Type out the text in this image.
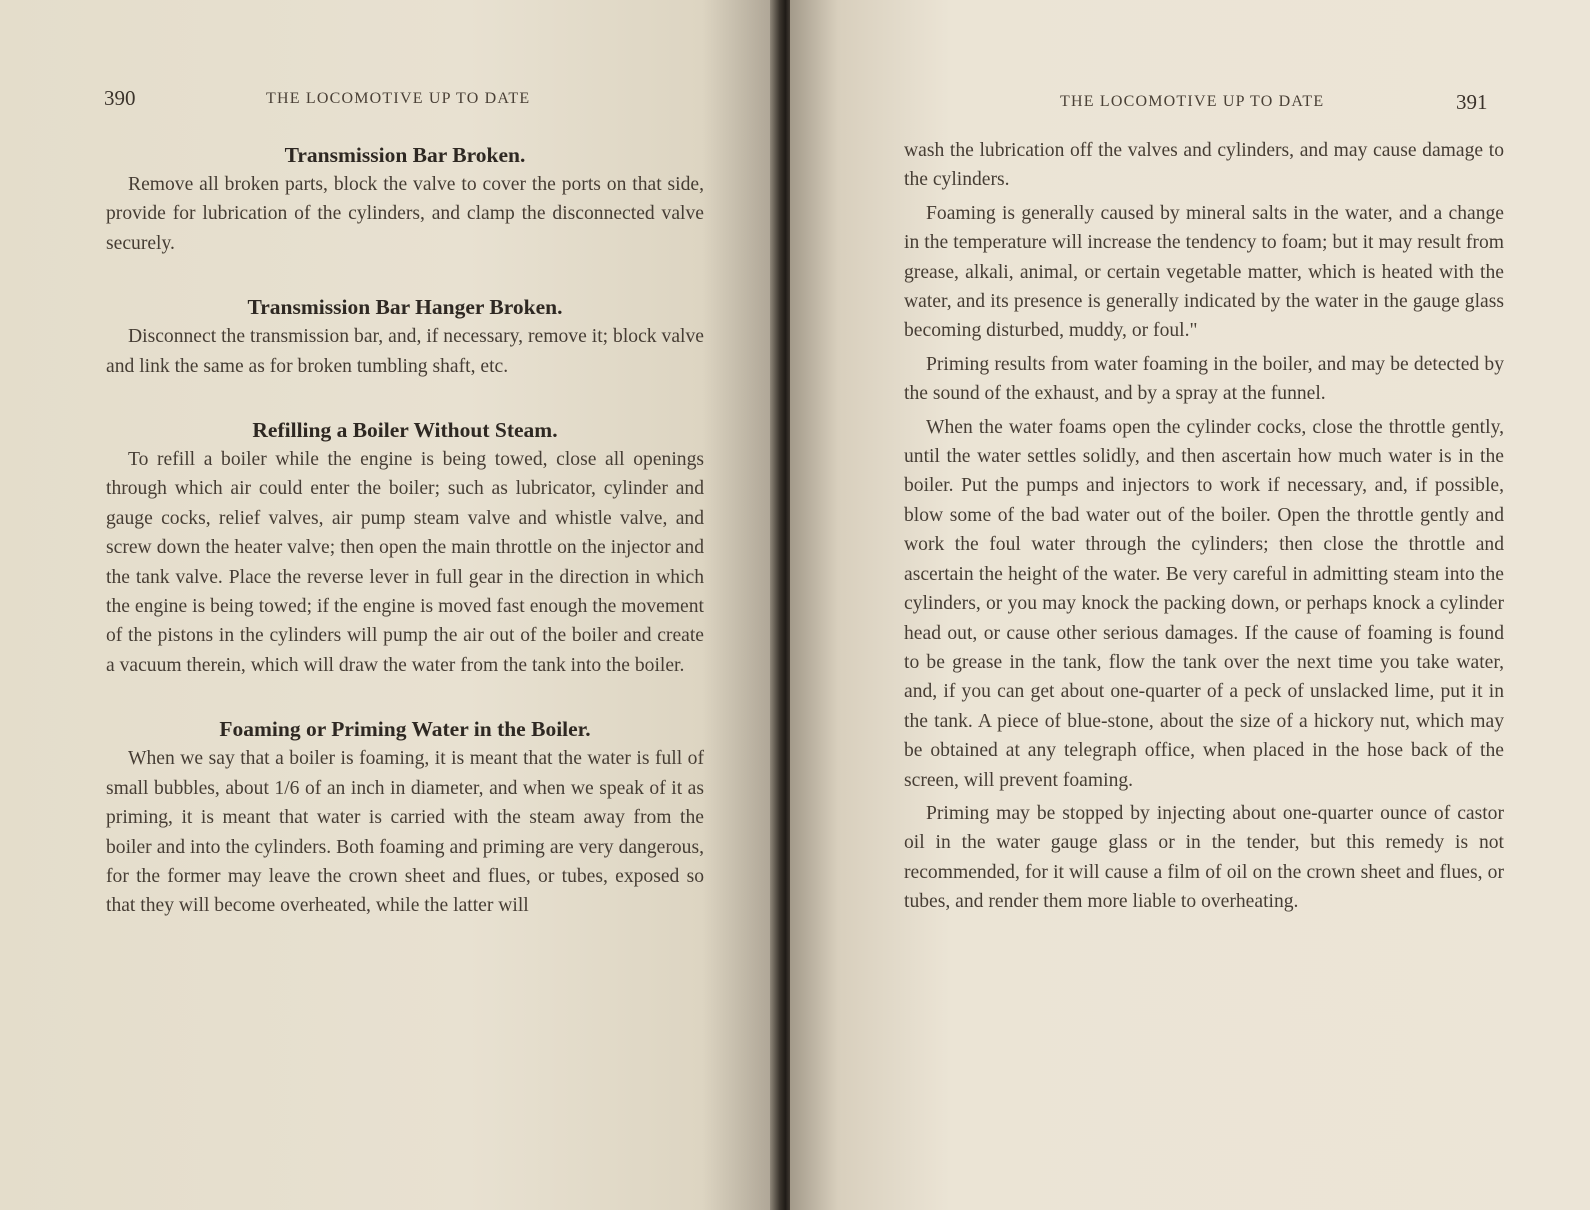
390	THE LOCOMOTIVE UP TO DATE
Transmission Bar Broken.

Remove all broken parts, block the valve to cover the ports on that side, provide for lubrication of the cylinders, and clamp the disconnected valve securely.

Transmission Bar Hanger Broken.

Disconnect the transmission bar, and, if necessary, remove it; block valve and link the same as for broken tumbling shaft, etc.

Refilling a Boiler Without Steam.

To refill a boiler while the engine is being towed, close all openings through which air could enter the boiler; such as lubricator, cylinder and gauge cocks, relief valves, air pump steam valve and whistle valve, and screw down the heater valve; then open the main throttle on the injector and the tank valve. Place the reverse lever in full gear in the direction in which the engine is being towed; if the engine is moved fast enough the movement of the pistons in the cylinders will pump the air out of the boiler and create a vacuum therein, which will draw the water from the tank into the boiler.

Foaming or Priming Water in the Boiler.

When we say that a boiler is foaming, it is meant that the water is full of small bubbles, about 1/6 of an inch in diameter, and when we speak of it as priming, it is meant that water is carried with the steam away from the boiler and into the cylinders. Both foaming and priming are very dangerous, for the former may leave the crown sheet and flues, or tubes, exposed so that they will become overheated, while the latter will

THE LOCOMOTIVE UP TO DATE	391

wash the lubrication off the valves and cylinders, and may cause damage to the cylinders.

Foaming is generally caused by mineral salts in the water, and a change in the temperature will increase the tendency to foam; but it may result from grease, alkali, animal, or certain vegetable matter, which is heated with the water, and its presence is generally indicated by the water in the gauge glass becoming disturbed, muddy, or foul."

Priming results from water foaming in the boiler, and may be detected by the sound of the exhaust, and by a spray at the funnel.

When the water foams open the cylinder cocks, close the throttle gently, until the water settles solidly, and then ascertain how much water is in the boiler. Put the pumps and injectors to work if necessary, and, if possible, blow some of the bad water out of the boiler. Open the throttle gently and work the foul water through the cylinders; then close the throttle and ascertain the height of the water. Be very careful in admitting steam into the cylinders, or you may knock the packing down, or perhaps knock a cylinder head out, or cause other serious damages. If the cause of foaming is found to be grease in the tank, flow the tank over the next time you take water, and, if you can get about one-quarter of a peck of unslacked lime, put it in the tank. A piece of blue-stone, about the size of a hickory nut, which may be obtained at any telegraph office, when placed in the hose back of the screen, will prevent foaming.

Priming may be stopped by injecting about one-quarter ounce of castor oil in the water gauge glass or in the tender, but this remedy is not recommended, for it will cause a film of oil on the crown sheet and flues, or tubes, and render them more liable to overheating.
